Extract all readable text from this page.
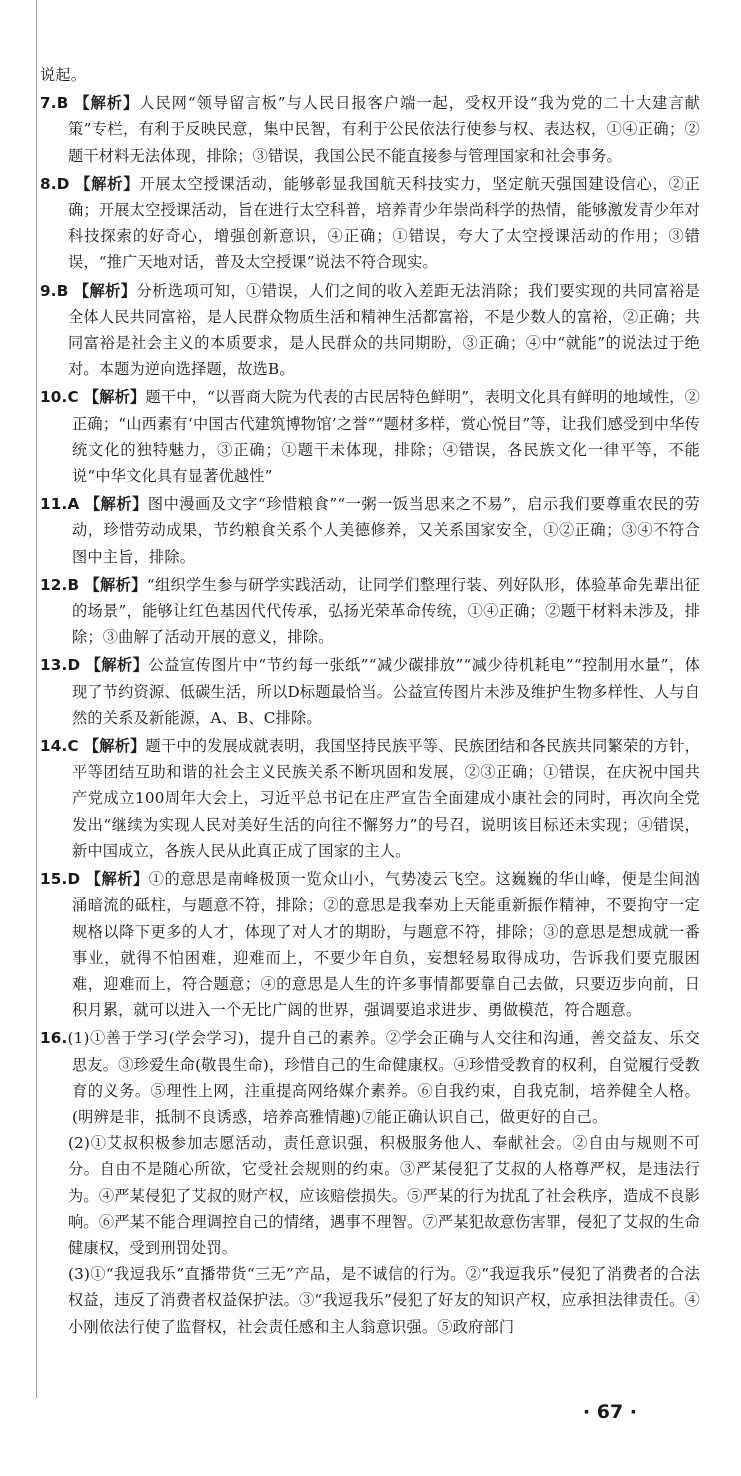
说起。

7.B 【解析】人民网“领导留言板”与人民日报客户端一起，受权开设“我为党的二十大建言献策”专栏，有利于反映民意，集中民智，有利于公民依法行使参与权、表达权，①④正确；②题干材料无法体现，排除；③错误，我国公民不能直接参与管理国家和社会事务。

8.D 【解析】开展太空授课活动，能够彰显我国航天科技实力，坚定航天强国建设信心，②正确；开展太空授课活动，旨在进行太空科普，培养青少年崇尚科学的热情，能够激发青少年对科技探索的好奇心，增强创新意识，④正确；①错误，夸大了太空授课活动的作用；③错误，“推广天地对话，普及太空授课”说法不符合现实。

9.B 【解析】分析选项可知，①错误，人们之间的收入差距无法消除；我们要实现的共同富裕是全体人民共同富裕，是人民群众物质生活和精神生活都富裕，不是少数人的富裕，②正确；共同富裕是社会主义的本质要求，是人民群众的共同期盼，③正确；④中“就能”的说法过于绝对。本题为逆向选择题，故选B。

10.C 【解析】题干中，“以晋商大院为代表的古民居特色鲜明”，表明文化具有鲜明的地域性，②正确；“山西素有‘中国古代建筑博物馆’之誉”“题材多样，赏心悦目”等，让我们感受到中华传统文化的独特魅力，③正确；①题干未体现，排除；④错误，各民族文化一律平等，不能说“中华文化具有显著优越性”

11.A 【解析】图中漫画及文字“珍惜粮食”“一粥一饭当思来之不易”，启示我们要尊重农民的劳动，珍惜劳动成果，节约粮食关系个人美德修养，又关系国家安全，①②正确；③④不符合图中主旨，排除。

12.B 【解析】“组织学生参与研学实践活动，让同学们整理行装、列好队形，体验革命先辈出征的场景”，能够让红色基因代代传承，弘扬光荣革命传统，①④正确；②题干材料未涉及，排除；③曲解了活动开展的意义，排除。

13.D 【解析】公益宣传图片中“节约每一张纸”“减少碳排放”“减少待机耗电”“控制用水量”，体现了节约资源、低碳生活，所以D标题最恰当。公益宣传图片未涉及维护生物多样性、人与自然的关系及新能源，A、B、C排除。

14.C 【解析】题干中的发展成就表明，我国坚持民族平等、民族团结和各民族共同繁荣的方针，平等团结互助和谐的社会主义民族关系不断巩固和发展，②③正确；①错误，在庆祝中国共产党成立100周年大会上，习近平总书记在庄严宣告全面建成小康社会的同时，再次向全党发出“继续为实现人民对美好生活的向往不懈努力”的号召，说明该目标还未实现；④错误，新中国成立，各族人民从此真正成了国家的主人。

15.D 【解析】①的意思是南峰极顶一览众山小，气势凌云飞空。这巍巍的华山峰，便是尘间汹涌暗流的砥柱，与题意不符，排除；②的意思是我奉劝上天能重新振作精神，不要拘守一定规格以降下更多的人才，体现了对人才的期盼，与题意不符，排除；③的意思是想成就一番事业，就得不怕困难，迎难而上，不要少年自负，妄想轻易取得成功，告诉我们要克服困难，迎难而上，符合题意；④的意思是人生的许多事情都要靠自己去做，只要迈步向前，日积月累，就可以进入一个无比广阔的世界，强调要追求进步、勇做模范，符合题意。

16.(1)①善于学习(学会学习)，提升自己的素养。②学会正确与人交往和沟通，善交益友、乐交思友。③珍爱生命(敬畏生命)，珍惜自己的生命健康权。④珍惜受教育的权利，自觉履行受教育的义务。⑤理性上网，注重提高网络媒介素养。⑥自我约束，自我克制，培养健全人格。(明辨是非，抵制不良诱惑，培养高雅情趣)⑦能正确认识自己，做更好的自己。

(2)①艾叔积极参加志愿活动，责任意识强，积极服务他人、奉献社会。②自由与规则不可分。自由不是随心所欲，它受社会规则的约束。③严某侵犯了艾叔的人格尊严权，是违法行为。④严某侵犯了艾叔的财产权，应该赔偿损失。⑤严某的行为扰乱了社会秩序，造成不良影响。⑥严某不能合理调控自己的情绪，遇事不理智。⑦严某犯故意伤害罪，侵犯了艾叔的生命健康权，受到刑罚处罚。

(3)①“我逗我乐”直播带货“三无”产品，是不诚信的行为。②“我逗我乐”侵犯了消费者的合法权益，违反了消费者权益保护法。③“我逗我乐”侵犯了好友的知识产权，应承担法律责任。④小刚依法行使了监督权，社会责任感和主人翁意识强。⑤政府部门

· 67 ·
